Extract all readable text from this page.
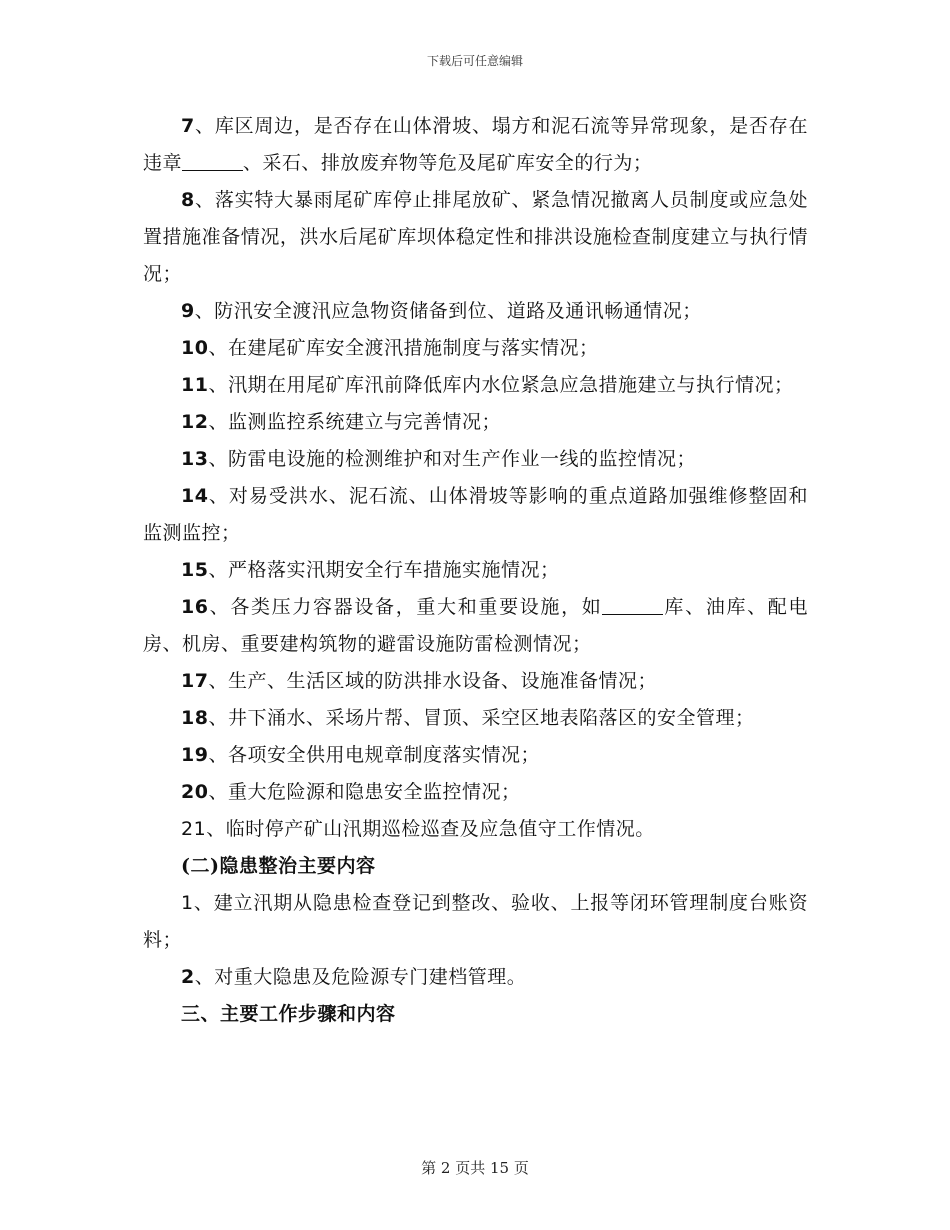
下载后可任意编辑

7、库区周边，是否存在山体滑坡、塌方和泥石流等异常现象，是否存在违章	、采石、排放废弃物等危及尾矿库安全的行为；

8、落实特大暴雨尾矿库停止排尾放矿、紧急情况撤离人员制度或应急处置措施准备情况，洪水后尾矿库坝体稳定性和排洪设施检查制度建立与执行情况；

9、防汛安全渡汛应急物资储备到位、道路及通讯畅通情况；

10、在建尾矿库安全渡汛措施制度与落实情况；

11、汛期在用尾矿库汛前降低库内水位紧急应急措施建立与执行情况；

12、监测监控系统建立与完善情况；

13、防雷电设施的检测维护和对生产作业一线的监控情况；

14、对易受洪水、泥石流、山体滑坡等影响的重点道路加强维修整固和监测监控；

15、严格落实汛期安全行车措施实施情况；

16、各类压力容器设备，重大和重要设施，如	库、油库、配电房、机房、重要建构筑物的避雷设施防雷检测情况；

17、生产、生活区域的防洪排水设备、设施准备情况；

18、井下涌水、采场片帮、冒顶、采空区地表陷落区的安全管理；

19、各项安全供用电规章制度落实情况；

20、重大危险源和隐患安全监控情况；

21、临时停产矿山汛期巡检巡查及应急值守工作情况。

(二)隐患整治主要内容

1、建立汛期从隐患检查登记到整改、验收、上报等闭环管理制度台账资料；

2、对重大隐患及危险源专门建档管理。

三、主要工作步骤和内容

第 2 页共 15 页
